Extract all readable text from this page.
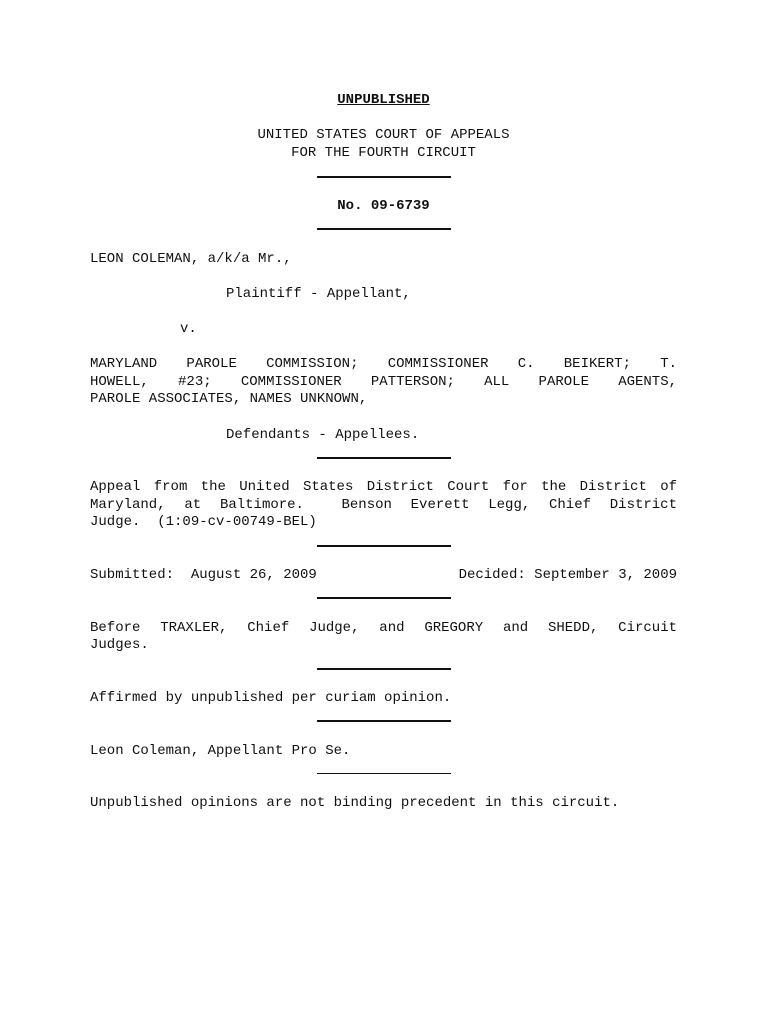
UNPUBLISHED
UNITED STATES COURT OF APPEALS
FOR THE FOURTH CIRCUIT
No. 09-6739
LEON COLEMAN, a/k/a Mr.,
Plaintiff - Appellant,
v.
MARYLAND PAROLE COMMISSION; COMMISSIONER C. BEIKERT; T.
HOWELL, #23; COMMISSIONER PATTERSON; ALL PAROLE AGENTS,
PAROLE ASSOCIATES, NAMES UNKNOWN,
Defendants - Appellees.
Appeal from the United States District Court for the District of
Maryland, at Baltimore.  Benson Everett Legg, Chief District
Judge.  (1:09-cv-00749-BEL)
Submitted:  August 26, 2009	Decided: September 3, 2009
Before TRAXLER, Chief Judge, and GREGORY and SHEDD, Circuit
Judges.
Affirmed by unpublished per curiam opinion.
Leon Coleman, Appellant Pro Se.
Unpublished opinions are not binding precedent in this circuit.
